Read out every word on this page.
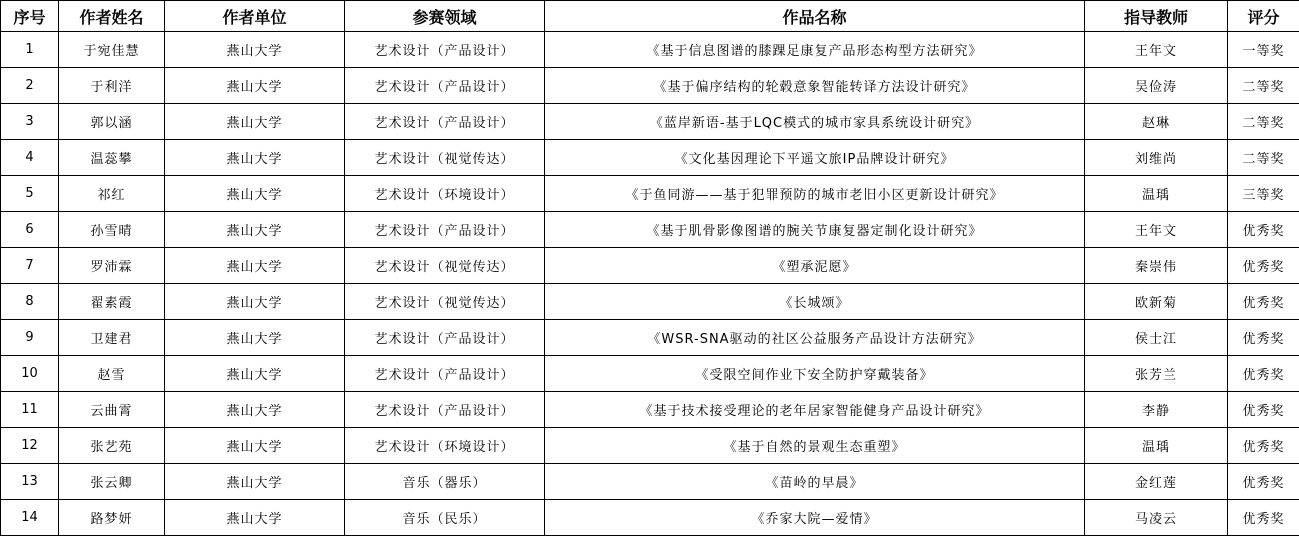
序号	作者姓名	作者单位	参赛领域	作品名称	指导教师	评分
1	于宛佳慧	燕山大学	艺术设计（产品设计）	《基于信息图谱的膝踝足康复产品形态构型方法研究》	王年文	一等奖
2	于利洋	燕山大学	艺术设计（产品设计）	《基于偏序结构的轮毂意象智能转译方法设计研究》	吴俭涛	二等奖
3	郭以涵	燕山大学	艺术设计（产品设计）	《蓝岸新语-基于LQC模式的城市家具系统设计研究》	赵琳	二等奖
4	温蕊攀	燕山大学	艺术设计（视觉传达）	《文化基因理论下平遥文旅IP品牌设计研究》	刘维尚	二等奖
5	祁红	燕山大学	艺术设计（环境设计）	《于鱼同游——基于犯罪预防的城市老旧小区更新设计研究》	温瑀	三等奖
6	孙雪晴	燕山大学	艺术设计（产品设计）	《基于肌骨影像图谱的腕关节康复器定制化设计研究》	王年文	优秀奖
7	罗沛霖	燕山大学	艺术设计（视觉传达）	《塑承泥愿》	秦崇伟	优秀奖
8	翟素霞	燕山大学	艺术设计（视觉传达）	《长城颂》	欧新菊	优秀奖
9	卫建君	燕山大学	艺术设计（产品设计）	《WSR-SNA驱动的社区公益服务产品设计方法研究》	侯士江	优秀奖
10	赵雪	燕山大学	艺术设计（产品设计）	《受限空间作业下安全防护穿戴装备》	张芳兰	优秀奖
11	云曲霄	燕山大学	艺术设计（产品设计）	《基于技术接受理论的老年居家智能健身产品设计研究》	李静	优秀奖
12	张艺苑	燕山大学	艺术设计（环境设计）	《基于自然的景观生态重塑》	温瑀	优秀奖
13	张云卿	燕山大学	音乐（器乐）	《苗岭的早晨》	金红莲	优秀奖
14	路梦妍	燕山大学	音乐（民乐）	《乔家大院—爱情》	马凌云	优秀奖
